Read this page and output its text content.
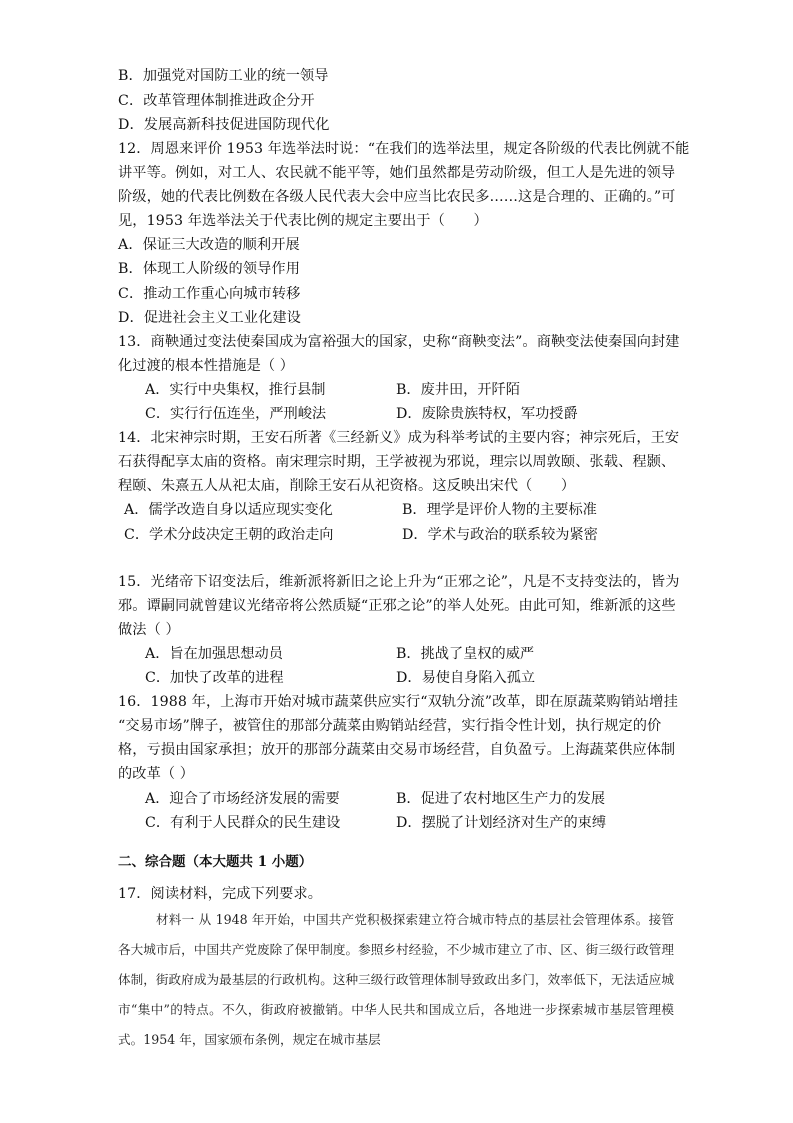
B．加强党对国防工业的统一领导
C．改革管理体制推进政企分开
D．发展高新科技促进国防现代化
12．周恩来评价 1953 年选举法时说：“在我们的选举法里，规定各阶级的代表比例就不能
讲平等。例如，对工人、农民就不能平等，她们虽然都是劳动阶级，但工人是先进的领导
阶级，她的代表比例数在各级人民代表大会中应当比农民多……这是合理的、正确的。”可
见，1953 年选举法关于代表比例的规定主要出于（　　）
A．保证三大改造的顺利开展
B．体现工人阶级的领导作用
C．推动工作重心向城市转移
D．促进社会主义工业化建设
13．商鞅通过变法使秦国成为富裕强大的国家，史称“商鞅变法”。商鞅变法使秦国向封建
化过渡的根本性措施是（ ）
A．实行中央集权，推行县制	B．废井田，开阡陌
C．实行行伍连坐，严刑峻法	D．废除贵族特权，军功授爵
14．北宋神宗时期，王安石所著《三经新义》成为科举考试的主要内容；神宗死后，王安
石获得配享太庙的资格。南宋理宗时期，王学被视为邪说，理宗以周敦颐、张载、程颢、
程颐、朱熹五人从祀太庙，削除王安石从祀资格。这反映出宋代（　　）
A．儒学改造自身以适应现实变化	B．理学是评价人物的主要标准
C．学术分歧决定王朝的政治走向	D．学术与政治的联系较为紧密
15．光绪帝下诏变法后，维新派将新旧之论上升为“正邪之论”，凡是不支持变法的，皆为
邪。谭嗣同就曾建议光绪帝将公然质疑“正邪之论”的举人处死。由此可知，维新派的这些
做法（ ）
A．旨在加强思想动员	B．挑战了皇权的威严
C．加快了改革的进程	D．易使自身陷入孤立
16．1988 年，上海市开始对城市蔬菜供应实行“双轨分流”改革，即在原蔬菜购销站增挂
“交易市场”牌子，被管住的那部分蔬菜由购销站经营，实行指令性计划，执行规定的价
格，亏损由国家承担；放开的那部分蔬菜由交易市场经营，自负盈亏。上海蔬菜供应体制
的改革（ ）
A．迎合了市场经济发展的需要	B．促进了农村地区生产力的发展
C．有利于人民群众的民生建设	D．摆脱了计划经济对生产的束缚
二、综合题（本大题共 1 小题）
17．阅读材料，完成下列要求。

材料一 从 1948 年开始，中国共产党积极探索建立符合城市特点的基层社会管理体系。接管各大城市后，中国共产党废除了保甲制度。参照乡村经验，不少城市建立了市、区、街三级行政管理体制，街政府成为最基层的行政机构。这种三级行政管理体制导致政出多门，效率低下，无法适应城市“集中”的特点。不久，街政府被撤销。中华人民共和国成立后，各地进一步探索城市基层管理模式。1954 年，国家颁布条例，规定在城市基层
